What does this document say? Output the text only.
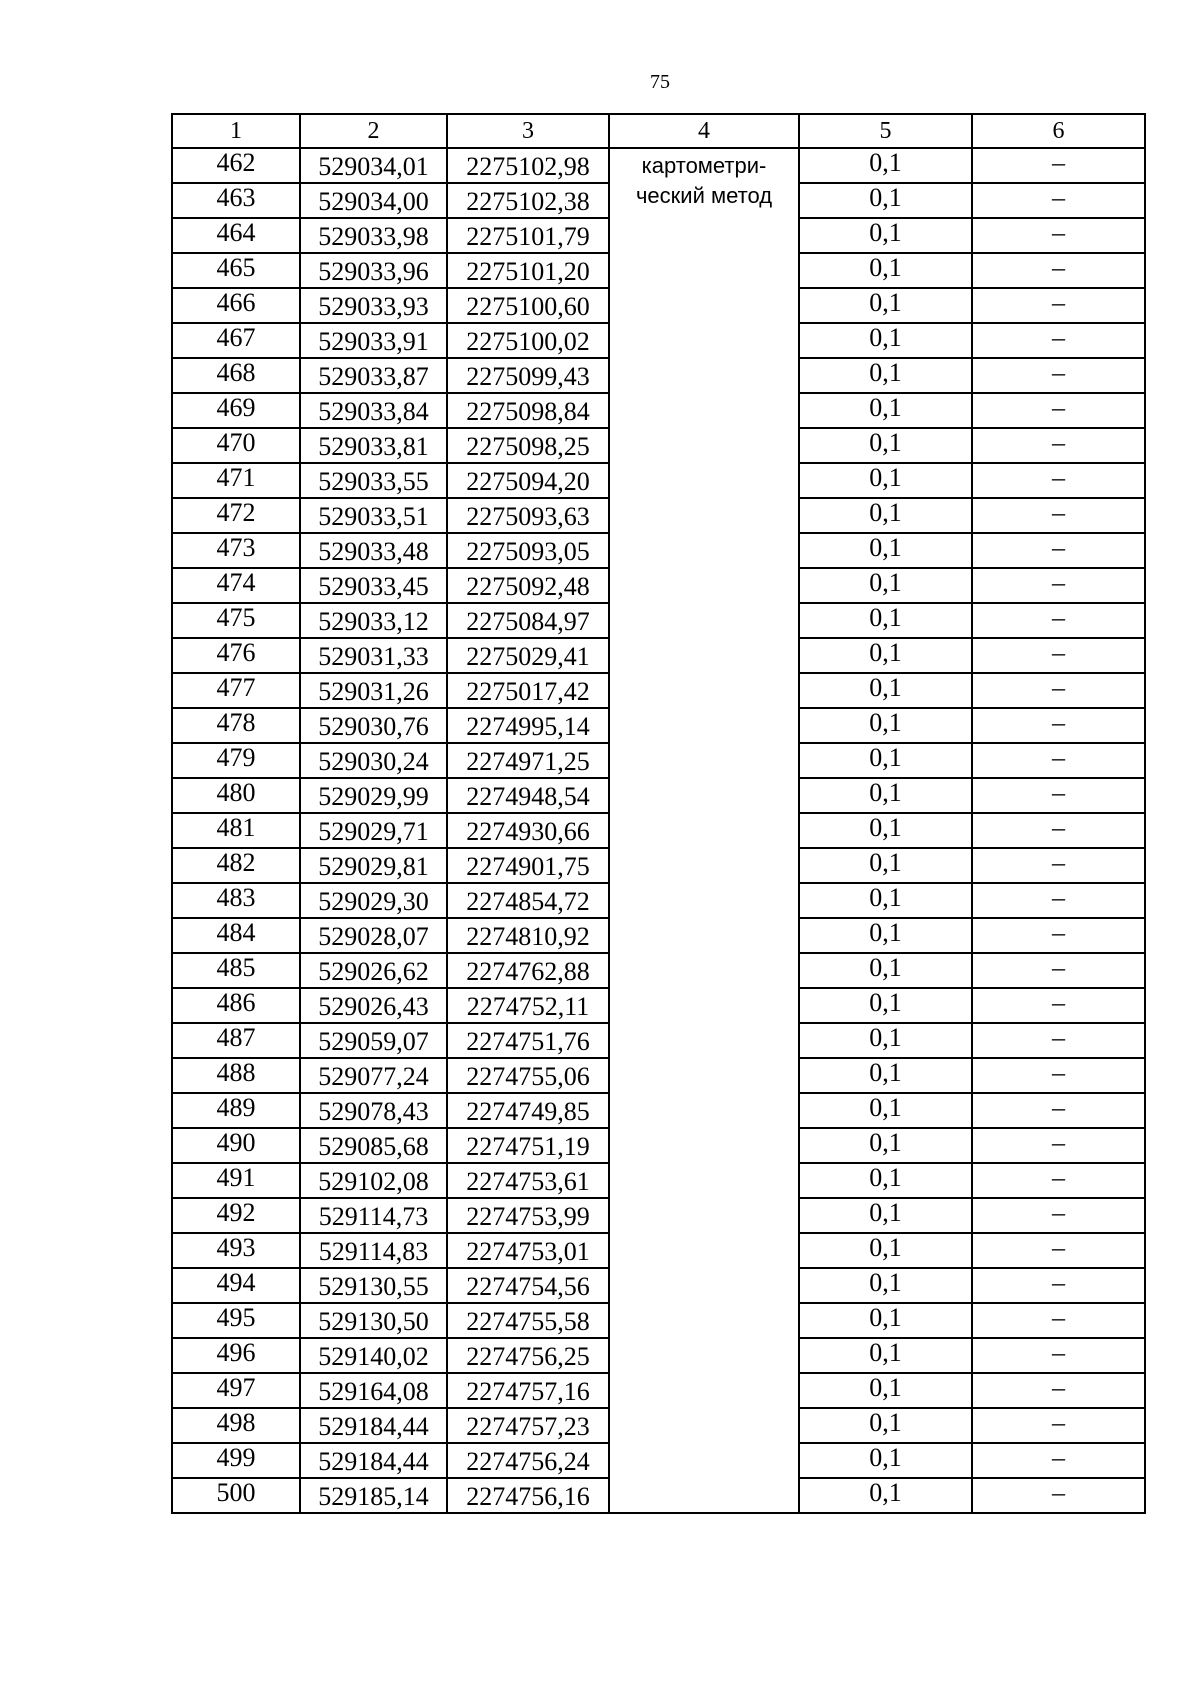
75
1	2	3	4	5	6
462	529034,01	2275102,98	картометри-ческий метод	0,1	–
463	529034,00	2275102,38		0,1	–
464	529033,98	2275101,79		0,1	–
465	529033,96	2275101,20		0,1	–
466	529033,93	2275100,60		0,1	–
467	529033,91	2275100,02		0,1	–
468	529033,87	2275099,43		0,1	–
469	529033,84	2275098,84		0,1	–
470	529033,81	2275098,25		0,1	–
471	529033,55	2275094,20		0,1	–
472	529033,51	2275093,63		0,1	–
473	529033,48	2275093,05		0,1	–
474	529033,45	2275092,48		0,1	–
475	529033,12	2275084,97		0,1	–
476	529031,33	2275029,41		0,1	–
477	529031,26	2275017,42		0,1	–
478	529030,76	2274995,14		0,1	–
479	529030,24	2274971,25		0,1	–
480	529029,99	2274948,54		0,1	–
481	529029,71	2274930,66		0,1	–
482	529029,81	2274901,75		0,1	–
483	529029,30	2274854,72		0,1	–
484	529028,07	2274810,92		0,1	–
485	529026,62	2274762,88		0,1	–
486	529026,43	2274752,11		0,1	–
487	529059,07	2274751,76		0,1	–
488	529077,24	2274755,06		0,1	–
489	529078,43	2274749,85		0,1	–
490	529085,68	2274751,19		0,1	–
491	529102,08	2274753,61		0,1	–
492	529114,73	2274753,99		0,1	–
493	529114,83	2274753,01		0,1	–
494	529130,55	2274754,56		0,1	–
495	529130,50	2274755,58		0,1	–
496	529140,02	2274756,25		0,1	–
497	529164,08	2274757,16		0,1	–
498	529184,44	2274757,23		0,1	–
499	529184,44	2274756,24		0,1	–
500	529185,14	2274756,16		0,1	–
